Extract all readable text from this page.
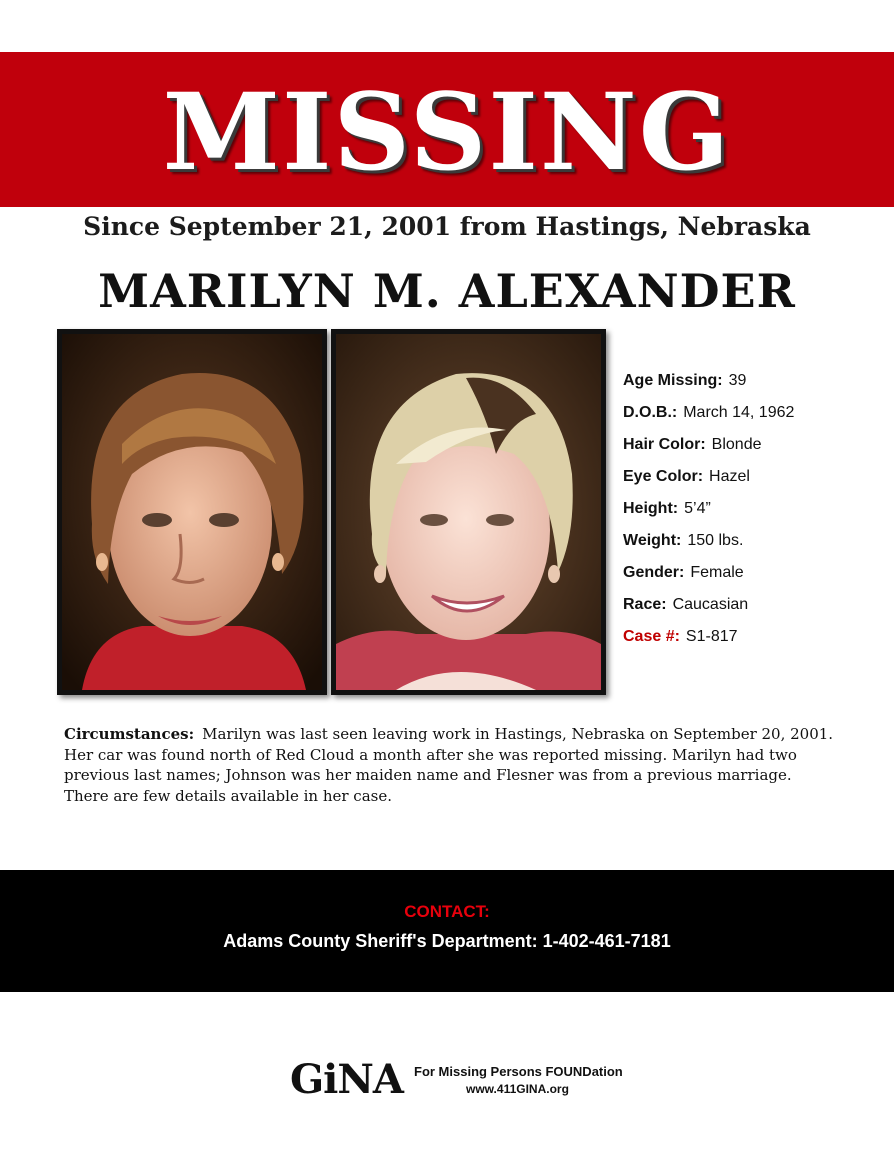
MISSING
Since September 21, 2001 from Hastings, Nebraska
MARILYN M. ALEXANDER
Age Missing: 39
D.O.B.: March 14, 1962
Hair Color: Blonde
Eye Color: Hazel
Height: 5’4”
Weight: 150 lbs.
Gender: Female
Race: Caucasian
Case #: S1-817
Circumstances: Marilyn was last seen leaving work in Hastings, Nebraska on September 20, 2001. Her car was found north of Red Cloud a month after she was reported missing. Marilyn had two previous last names; Johnson was her maiden name and Flesner was from a previous marriage. There are few details available in her case.
CONTACT:
Adams County Sheriff's Department: 1-402-461-7181
GiNA For Missing Persons FOUNDation
www.411GINA.org
